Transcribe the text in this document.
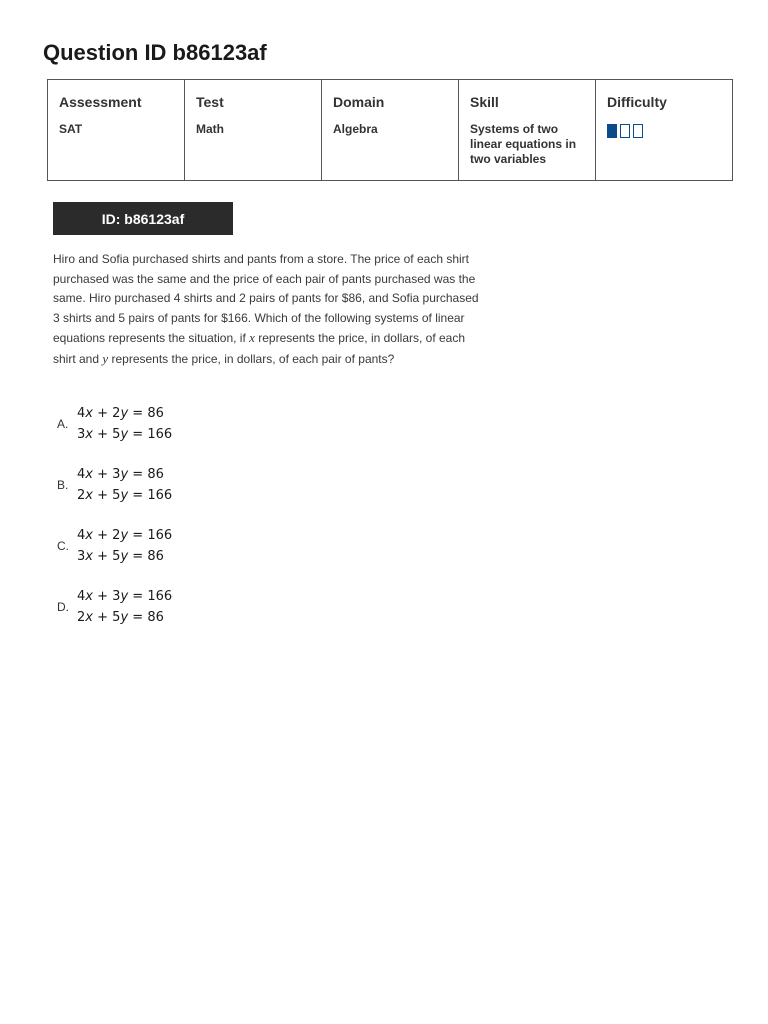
Question ID b86123af
Assessment	Test	Domain	Skill	Difficulty
SAT	Math	Algebra	Systems of two linear equations in two variables	
ID: b86123af
Hiro and Sofia purchased shirts and pants from a store. The price of each shirt purchased was the same and the price of each pair of pants purchased was the same. Hiro purchased 4 shirts and 2 pairs of pants for $86, and Sofia purchased 3 shirts and 5 pairs of pants for $166. Which of the following systems of linear equations represents the situation, if x represents the price, in dollars, of each shirt and y represents the price, in dollars, of each pair of pants?
A.
4x + 2y = 86
3x + 5y = 166
B.
4x + 3y = 86
2x + 5y = 166
C.
4x + 2y = 166
3x + 5y = 86
D.
4x + 3y = 166
2x + 5y = 86
